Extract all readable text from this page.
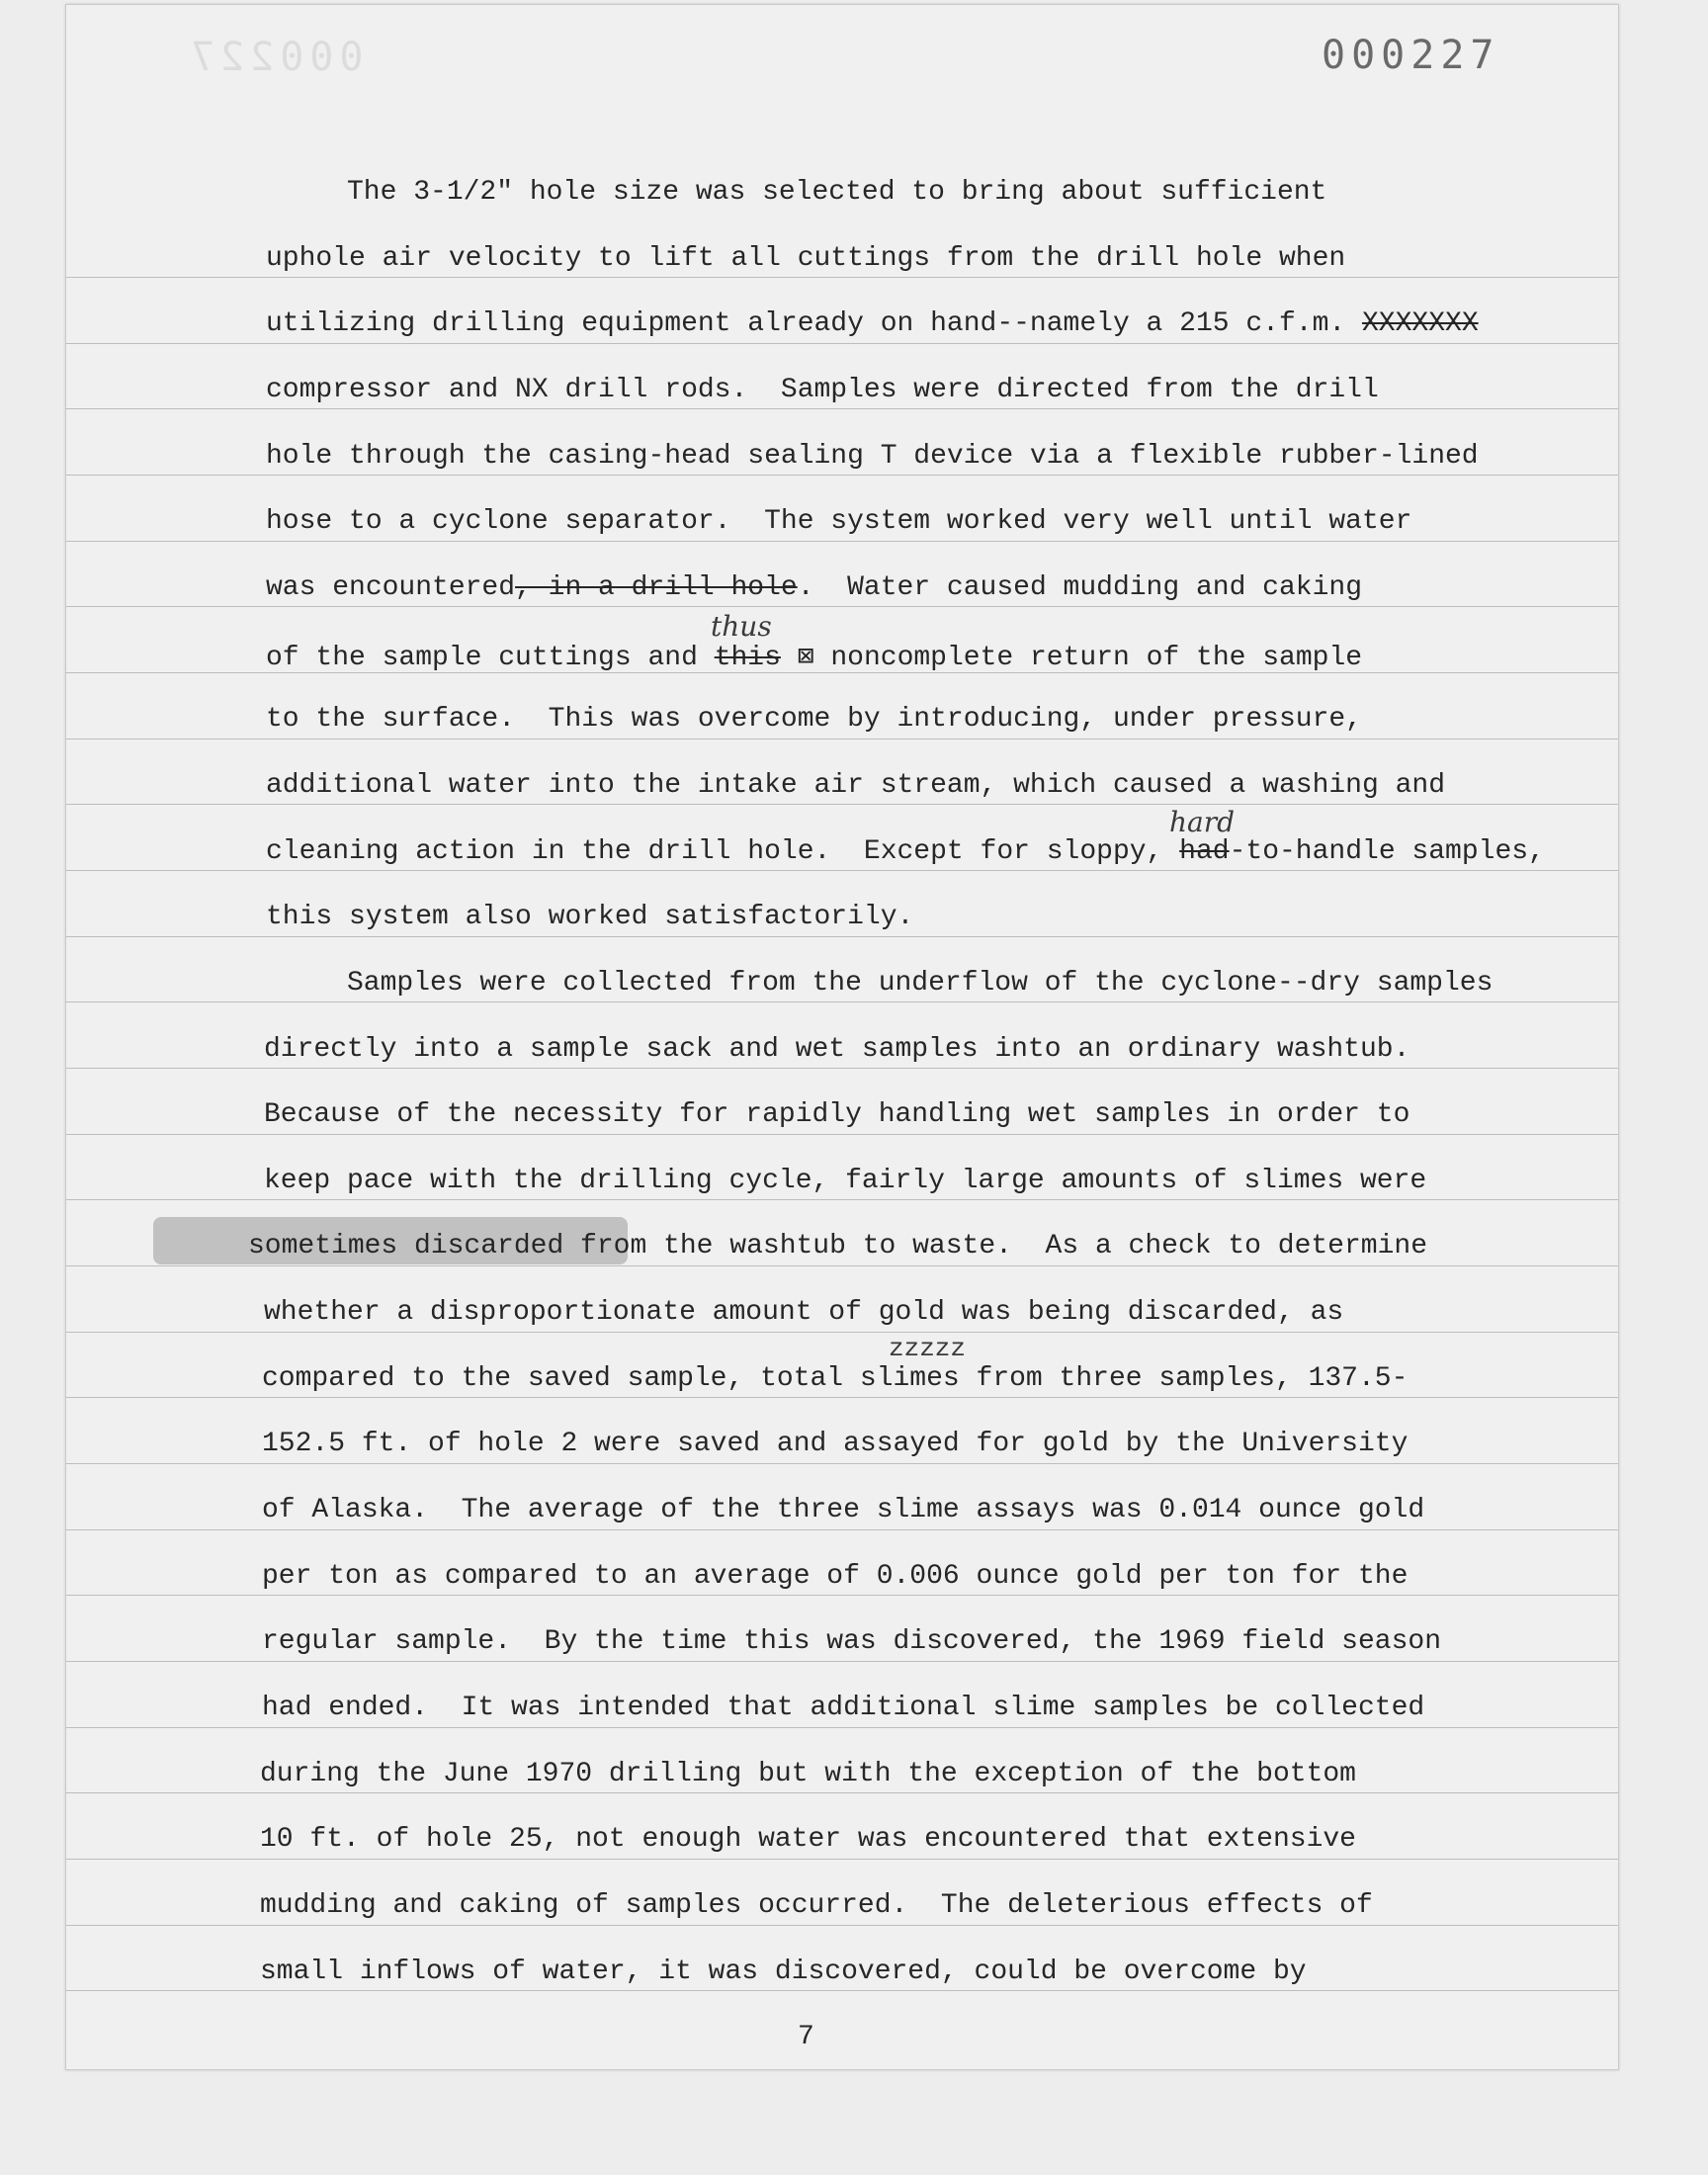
000227	000227
The 3-1/2" hole size was selected to bring about sufficient
uphole air velocity to lift all cuttings from the drill hole when
utilizing drilling equipment already on hand--namely a 215 c.f.m. XXXXXXX
compressor and NX drill rods.  Samples were directed from the drill
hole through the casing-head sealing T device via a flexible rubber-lined
hose to a cyclone separator.  The system worked very well until water
was encountered, in a drill hole.  Water caused mudding and caking
thus
of the sample cuttings and this ⊠ noncomplete return of the sample
to the surface.  This was overcome by introducing, under pressure,
additional water into the intake air stream, which caused a washing and
hard
cleaning action in the drill hole.  Except for sloppy, had-to-handle samples,
this system also worked satisfactorily.
Samples were collected from the underflow of the cyclone--dry samples
directly into a sample sack and wet samples into an ordinary washtub.
Because of the necessity for rapidly handling wet samples in order to
keep pace with the drilling cycle, fairly large amounts of slimes were
sometimes discarded from the washtub to waste.  As a check to determine
whether a disproportionate amount of gold was being discarded, as
zzzzz
compared to the saved sample, total slimes from three samples, 137.5-
152.5 ft. of hole 2 were saved and assayed for gold by the University
of Alaska.  The average of the three slime assays was 0.014 ounce gold
per ton as compared to an average of 0.006 ounce gold per ton for the
regular sample.  By the time this was discovered, the 1969 field season
had ended.  It was intended that additional slime samples be collected
during the June 1970 drilling but with the exception of the bottom
10 ft. of hole 25, not enough water was encountered that extensive
mudding and caking of samples occurred.  The deleterious effects of
small inflows of water, it was discovered, could be overcome by
7
